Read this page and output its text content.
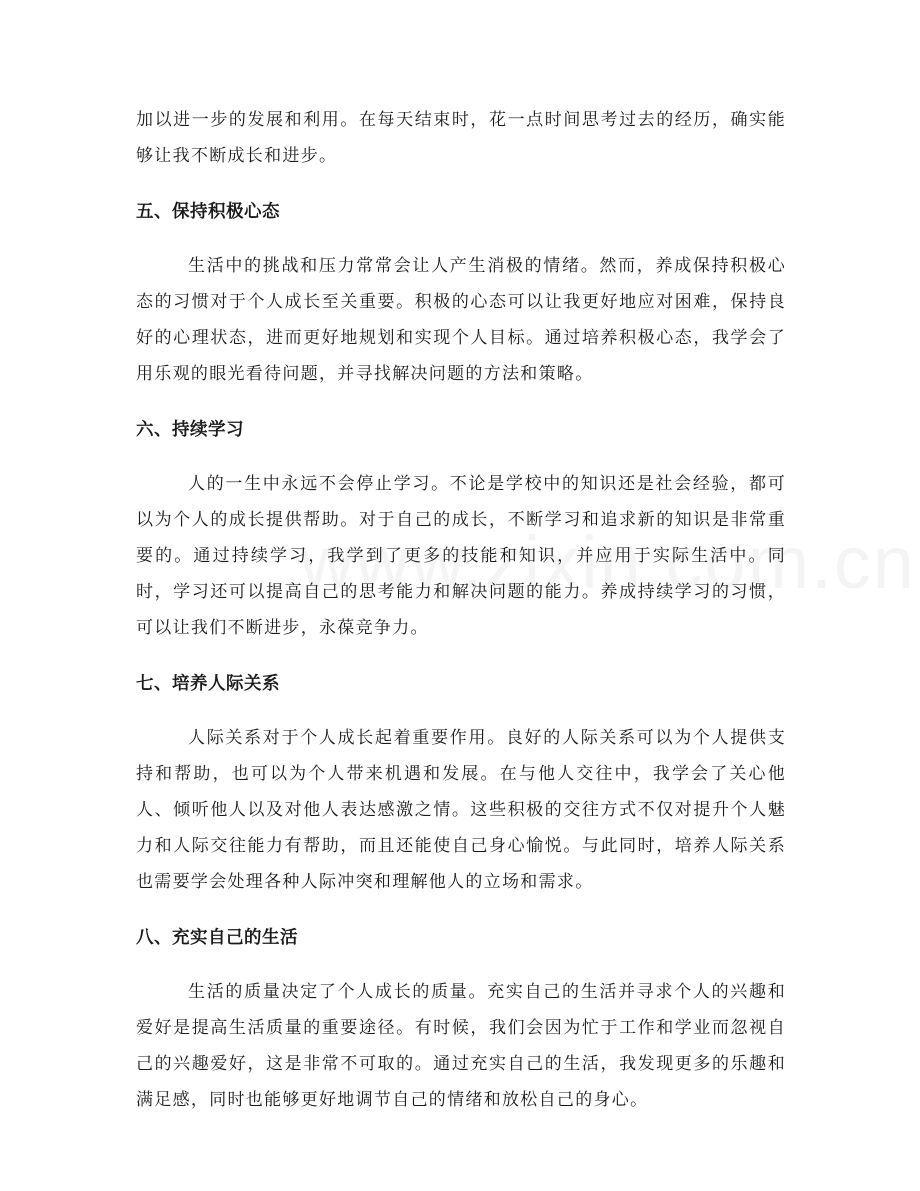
加以进一步的发展和利用。在每天结束时，花一点时间思考过去的经历，确实能够让我不断成长和进步。

五、保持积极心态

生活中的挑战和压力常常会让人产生消极的情绪。然而，养成保持积极心态的习惯对于个人成长至关重要。积极的心态可以让我更好地应对困难，保持良好的心理状态，进而更好地规划和实现个人目标。通过培养积极心态，我学会了用乐观的眼光看待问题，并寻找解决问题的方法和策略。

六、持续学习

人的一生中永远不会停止学习。不论是学校中的知识还是社会经验，都可以为个人的成长提供帮助。对于自己的成长，不断学习和追求新的知识是非常重要的。通过持续学习，我学到了更多的技能和知识，并应用于实际生活中。同时，学习还可以提高自己的思考能力和解决问题的能力。养成持续学习的习惯，可以让我们不断进步，永葆竞争力。

七、培养人际关系

人际关系对于个人成长起着重要作用。良好的人际关系可以为个人提供支持和帮助，也可以为个人带来机遇和发展。在与他人交往中，我学会了关心他人、倾听他人以及对他人表达感激之情。这些积极的交往方式不仅对提升个人魅力和人际交往能力有帮助，而且还能使自己身心愉悦。与此同时，培养人际关系也需要学会处理各种人际冲突和理解他人的立场和需求。

八、充实自己的生活

生活的质量决定了个人成长的质量。充实自己的生活并寻求个人的兴趣和爱好是提高生活质量的重要途径。有时候，我们会因为忙于工作和学业而忽视自己的兴趣爱好，这是非常不可取的。通过充实自己的生活，我发现更多的乐趣和满足感，同时也能够更好地调节自己的情绪和放松自己的身心。
